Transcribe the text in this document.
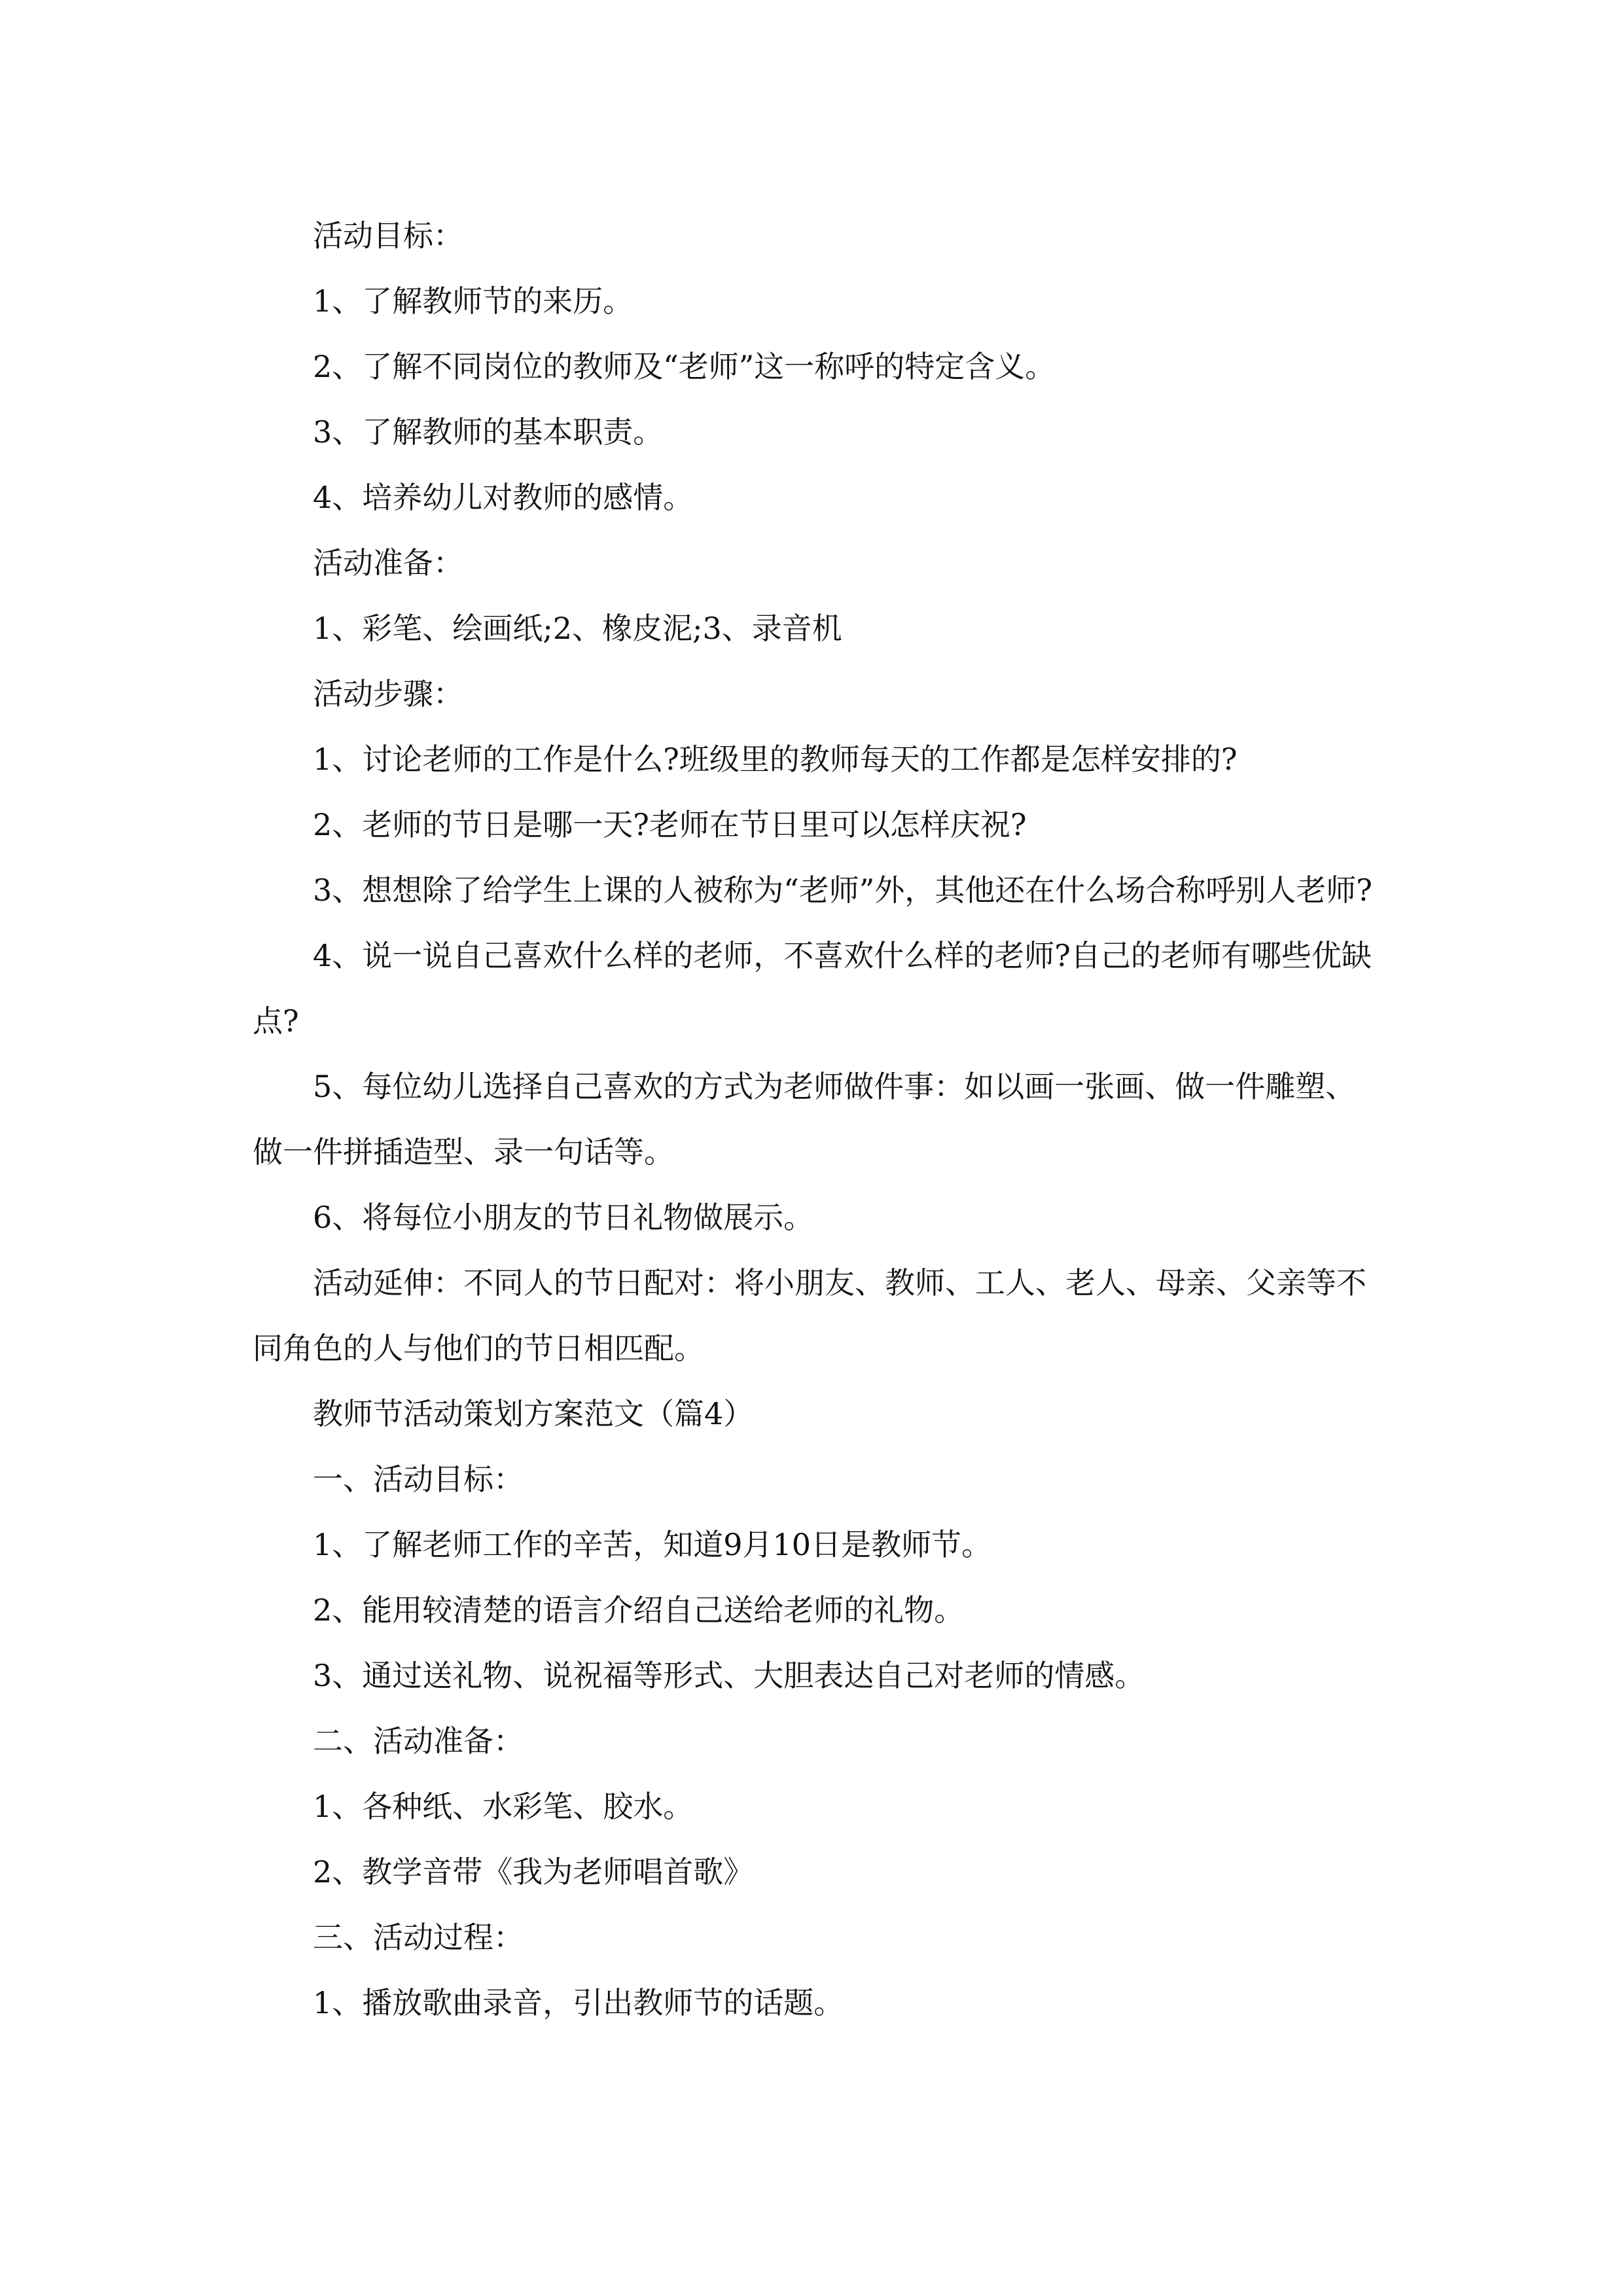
活动目标：

1、了解教师节的来历。

2、了解不同岗位的教师及“老师”这一称呼的特定含义。

3、了解教师的基本职责。

4、培养幼儿对教师的感情。

活动准备：

1、彩笔、绘画纸;2、橡皮泥;3、录音机

活动步骤：

1、讨论老师的工作是什么?班级里的教师每天的工作都是怎样安排的?

2、老师的节日是哪一天?老师在节日里可以怎样庆祝?

3、想想除了给学生上课的人被称为“老师”外，其他还在什么场合称呼别人老师?

4、说一说自己喜欢什么样的老师，不喜欢什么样的老师?自己的老师有哪些优缺点?

5、每位幼儿选择自己喜欢的方式为老师做件事：如以画一张画、做一件雕塑、做一件拼插造型、录一句话等。

6、将每位小朋友的节日礼物做展示。

活动延伸：不同人的节日配对：将小朋友、教师、工人、老人、母亲、父亲等不同角色的人与他们的节日相匹配。

教师节活动策划方案范文（篇4）

一、活动目标：

1、了解老师工作的辛苦，知道9月10日是教师节。

2、能用较清楚的语言介绍自己送给老师的礼物。

3、通过送礼物、说祝福等形式、大胆表达自己对老师的情感。

二、活动准备：

1、各种纸、水彩笔、胶水。

2、教学音带《我为老师唱首歌》

三、活动过程：

1、播放歌曲录音，引出教师节的话题。
